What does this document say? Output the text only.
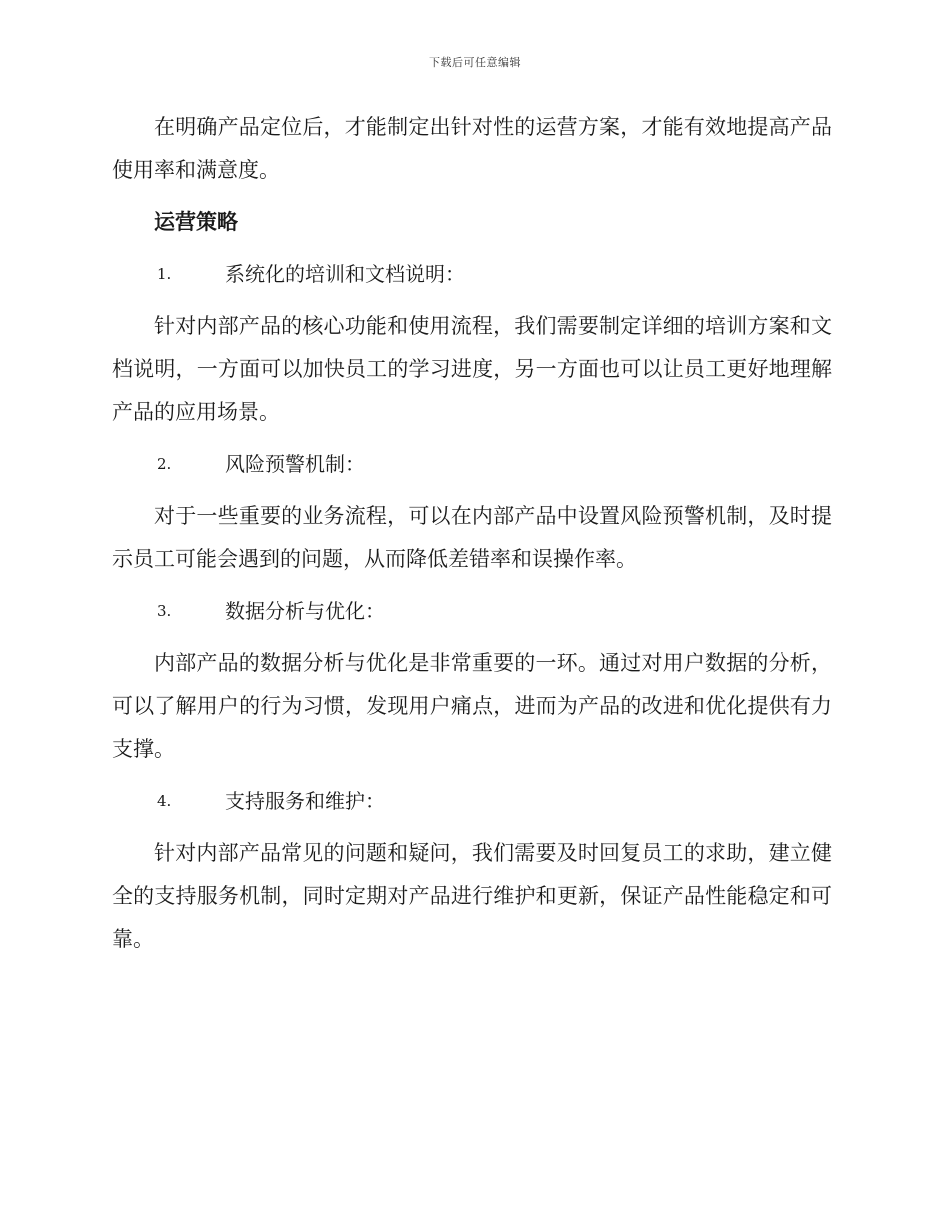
下载后可任意编辑

在明确产品定位后，才能制定出针对性的运营方案，才能有效地提高产品使用率和满意度。

运营策略
1.	系统化的培训和文档说明：

针对内部产品的核心功能和使用流程，我们需要制定详细的培训方案和文档说明，一方面可以加快员工的学习进度，另一方面也可以让员工更好地理解产品的应用场景。

2.	风险预警机制：

对于一些重要的业务流程，可以在内部产品中设置风险预警机制，及时提示员工可能会遇到的问题，从而降低差错率和误操作率。

3.	数据分析与优化：

内部产品的数据分析与优化是非常重要的一环。通过对用户数据的分析，可以了解用户的行为习惯，发现用户痛点，进而为产品的改进和优化提供有力支撑。

4.	支持服务和维护：

针对内部产品常见的问题和疑问，我们需要及时回复员工的求助，建立健全的支持服务机制，同时定期对产品进行维护和更新，保证产品性能稳定和可靠。
